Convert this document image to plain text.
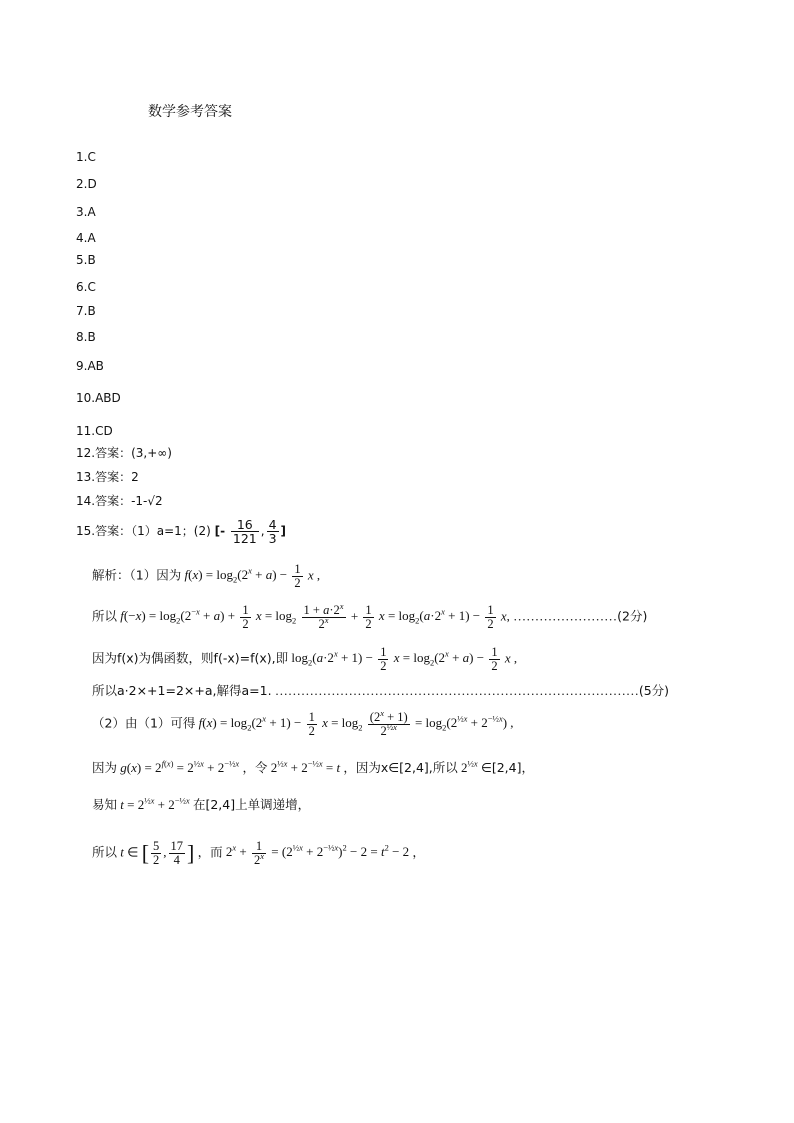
数学参考答案
1.C
2.D
3.A
4.A
5.B
6.C
7.B
8.B
9.AB
10.ABD
11.CD
12.答案：(3,+∞)
13.答案：2
14.答案：-1-√2
15.答案：（1）a=1；(2) [- $\frac{16}{121}$ , $\frac{4}{3}$ ]
解析：（1）因为 $f(x) = \log_2(2^x + a) - \frac{1}{2}$ x ,
所以 $f(-x) = \log_2(2^{-x} + a) + \frac{1}{2}$ $x = \log_2 \frac{1 + a\cdot 2^x}{2^x} + \frac{1}{2}$ $x = \log_2(a\cdot 2^x + 1) - \frac{1}{2} x$, ……………………(2分)
因为f(x)为偶函数，则f(-x)=f(x),即 $\log_2(a\cdot 2^x + 1) - \frac{1}{2}$ $x = \log_2(2^x + a) - \frac{1}{2}$ x ,
所以a·2×+1=2×+a,解得a=1. …………………………………………………………………………(5分)
（2）由（1）可得 $f(x) = \log_2(2^x + 1) - \frac{1}{2}$ $x = \log_2 \frac{(2^x + 1)}{2^{\frac{1}{2}x}} = \log_2(2^{\frac{1}{2}x} + 2^{-\frac{1}{2}x})$ ,
因为 $g(x) = 2^{f(x)} = 2^{\frac{1}{2}x} + 2^{-\frac{1}{2}x}$ ，令 $2^{\frac{1}{2}x} + 2^{-\frac{1}{2}x} = t$ ，因为x∈[2,4],所以 $2^{\frac{1}{2}x}$ ∈[2,4]，
易知 $t = 2^{\frac{1}{2}x} + 2^{-\frac{1}{2}x}$ 在[2,4]上单调递增，
所以 t ∈ [ $\frac{5}{2}$ , $\frac{17}{4}$ ] ，而 $2^x + \frac{1}{2^x} = (2^{\frac{1}{2}x} + 2^{-\frac{1}{2}x})^2 - 2 = t^2 - 2$ ，
